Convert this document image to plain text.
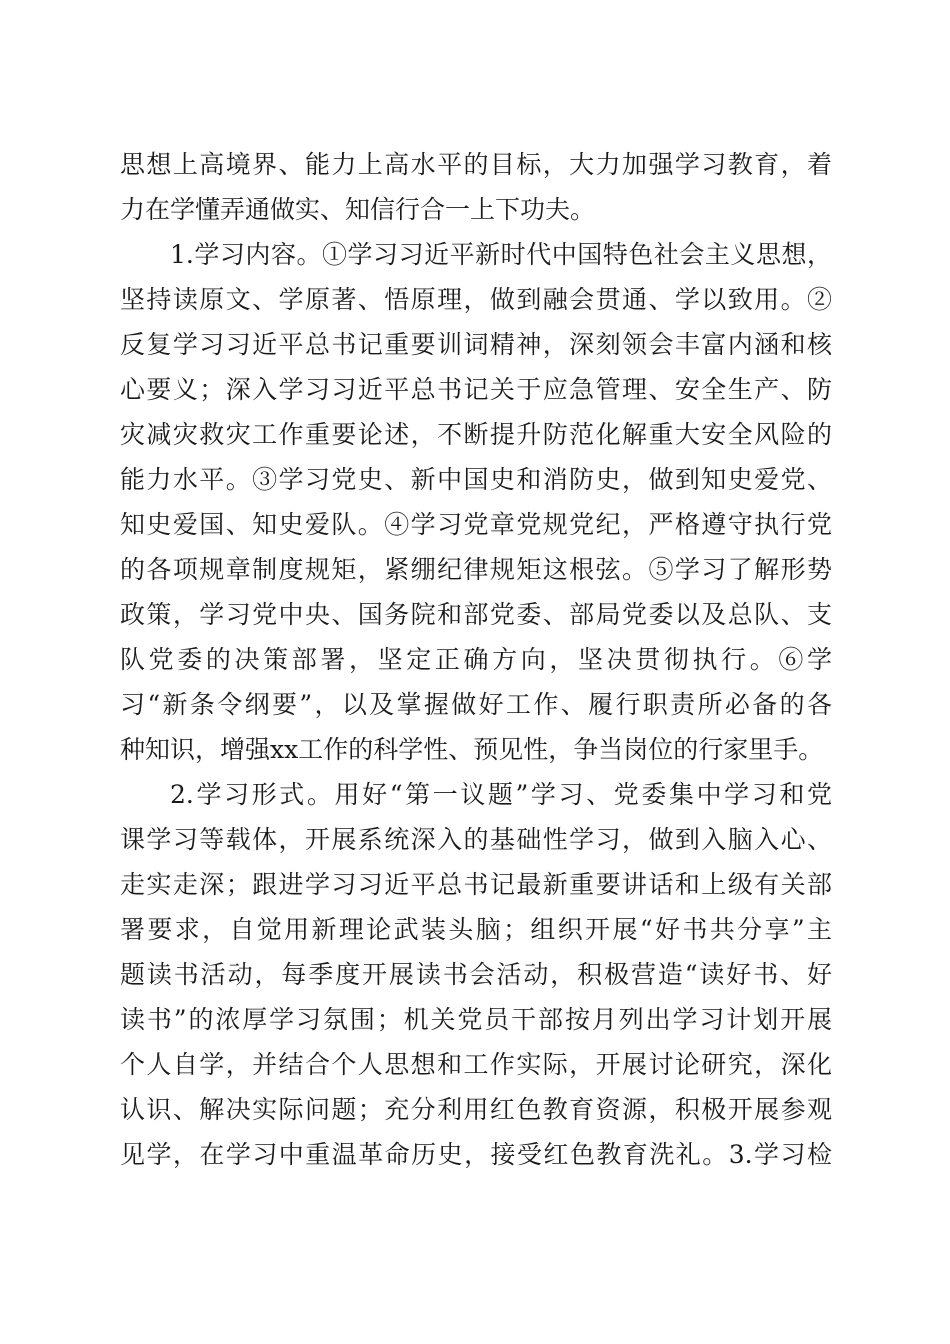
思想上高境界、能力上高水平的目标，大力加强学习教育，着
力在学懂弄通做实、知信行合一上下功夫。
1.学习内容。①学习习近平新时代中国特色社会主义思想，
坚持读原文、学原著、悟原理，做到融会贯通、学以致用。②
反复学习习近平总书记重要训词精神，深刻领会丰富内涵和核
心要义；深入学习习近平总书记关于应急管理、安全生产、防
灾减灾救灾工作重要论述，不断提升防范化解重大安全风险的
能力水平。③学习党史、新中国史和消防史，做到知史爱党、
知史爱国、知史爱队。④学习党章党规党纪，严格遵守执行党
的各项规章制度规矩，紧绷纪律规矩这根弦。⑤学习了解形势
政策，学习党中央、国务院和部党委、部局党委以及总队、支
队党委的决策部署，坚定正确方向，坚决贯彻执行。⑥学
习“新条令纲要”，以及掌握做好工作、履行职责所必备的各
种知识，增强xx工作的科学性、预见性，争当岗位的行家里手。
2.学习形式。用好“第一议题”学习、党委集中学习和党
课学习等载体，开展系统深入的基础性学习，做到入脑入心、
走实走深；跟进学习习近平总书记最新重要讲话和上级有关部
署要求，自觉用新理论武装头脑；组织开展“好书共分享”主
题读书活动，每季度开展读书会活动，积极营造“读好书、好
读书”的浓厚学习氛围；机关党员干部按月列出学习计划开展
个人自学，并结合个人思想和工作实际，开展讨论研究，深化
认识、解决实际问题；充分利用红色教育资源，积极开展参观
见学，在学习中重温革命历史，接受红色教育洗礼。3.学习检
